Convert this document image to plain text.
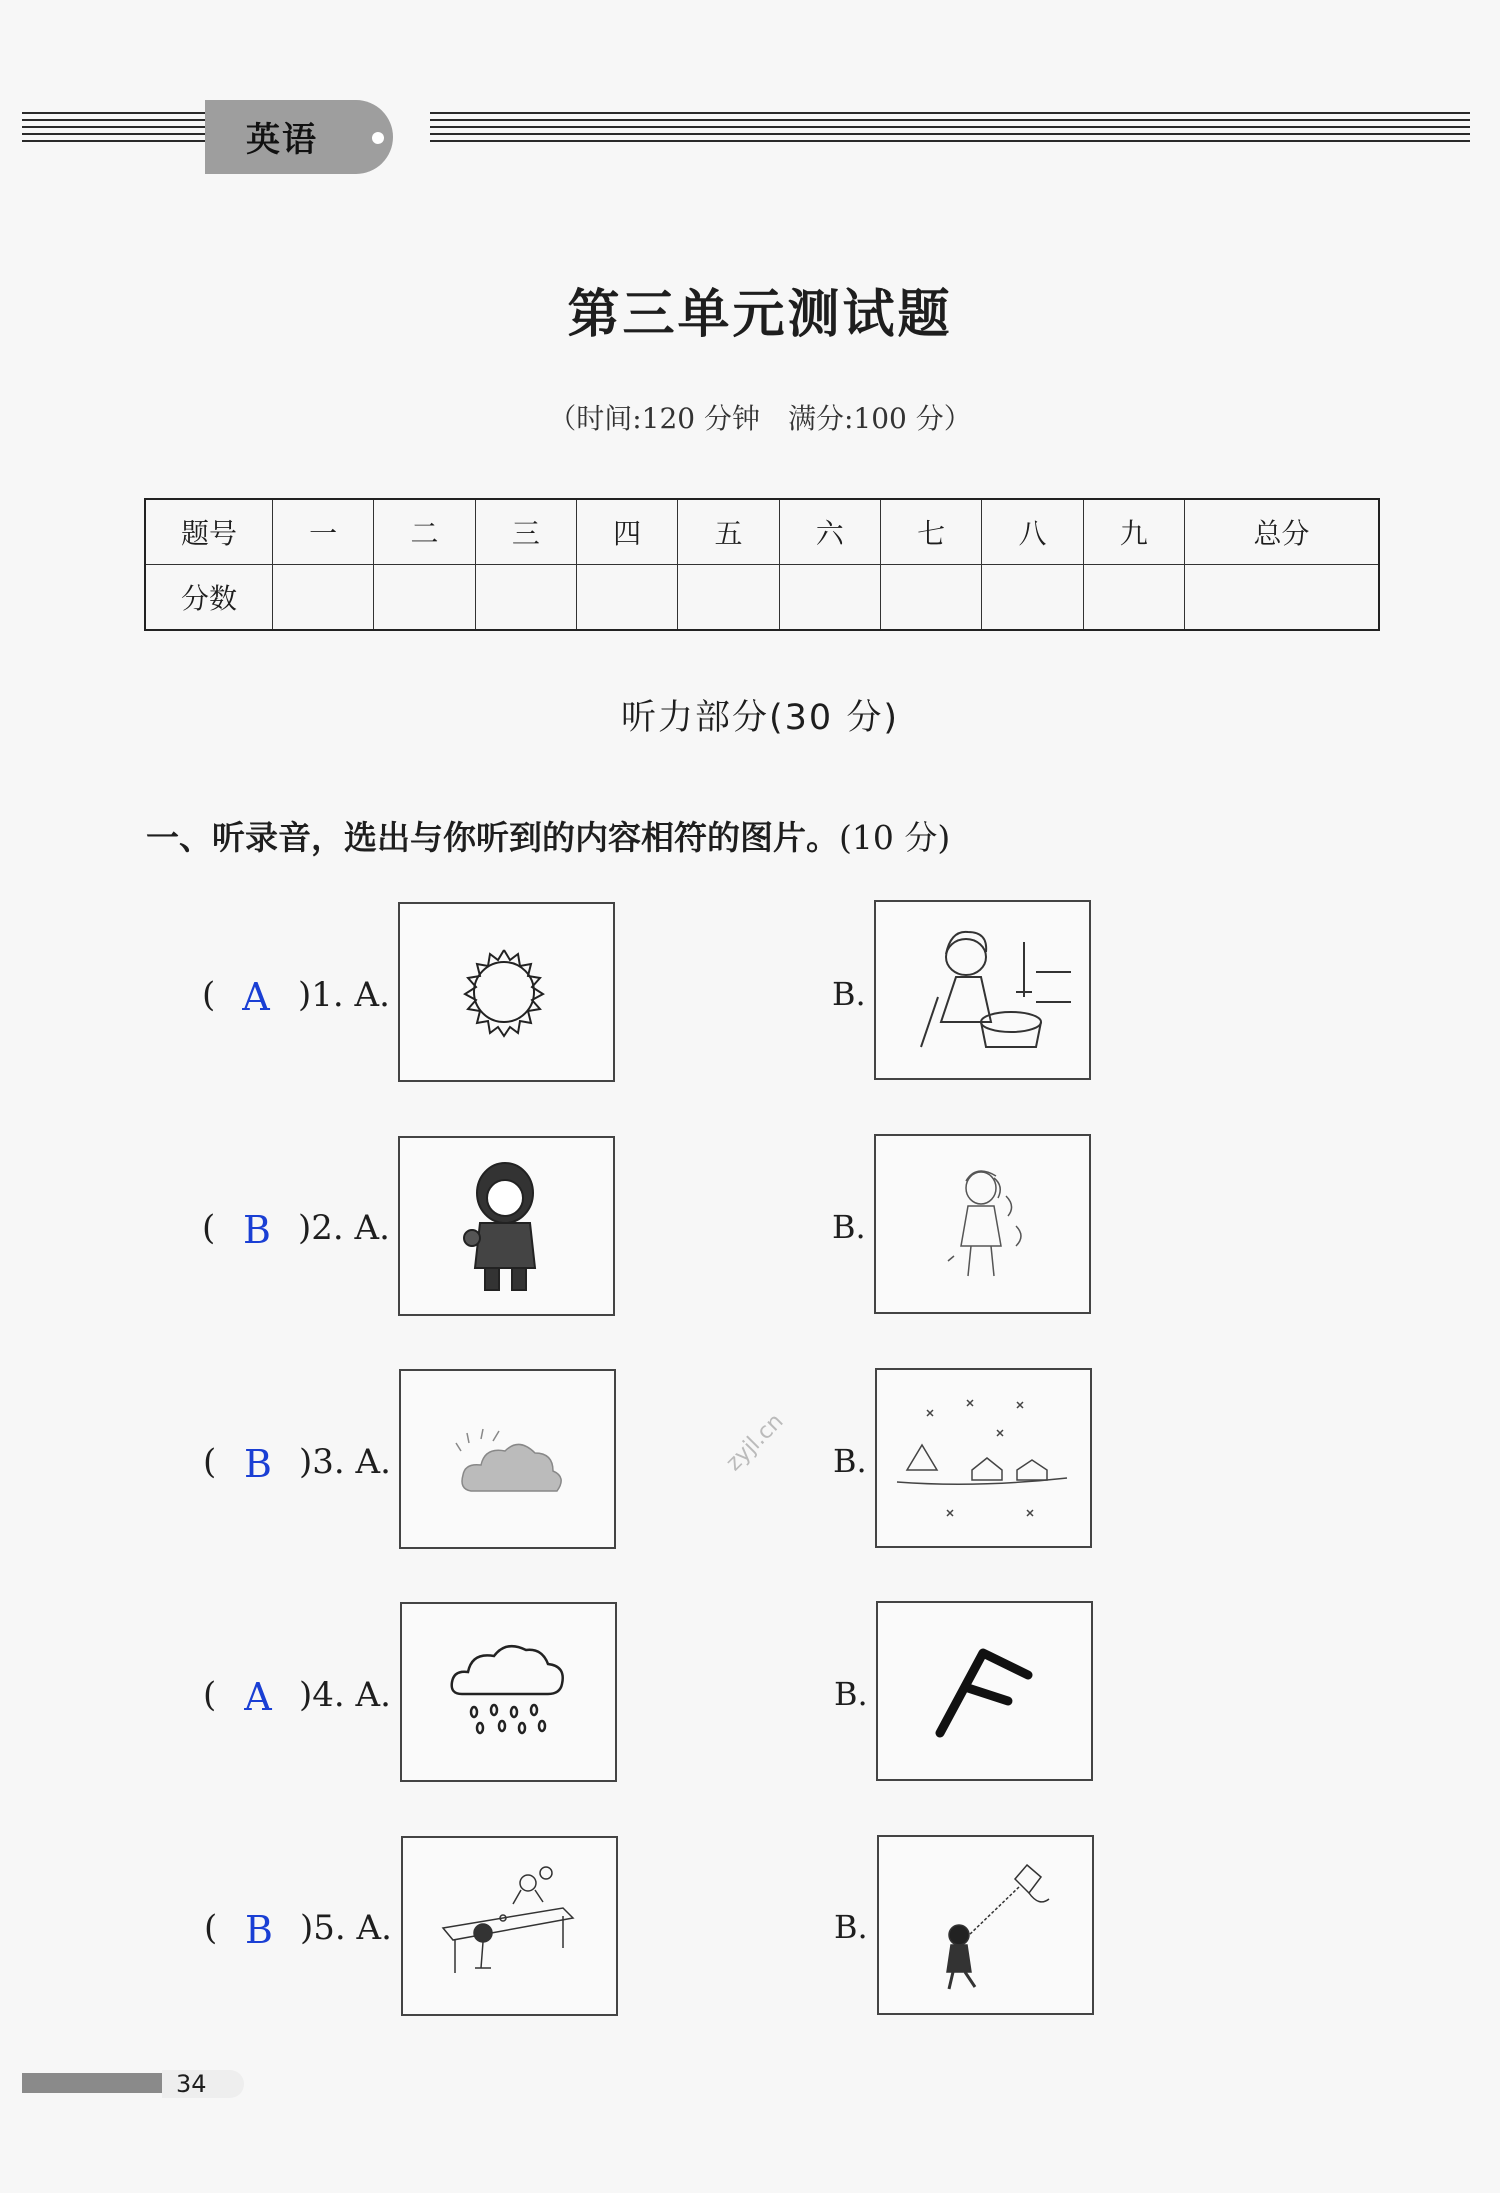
英语
第三单元测试题
（时间:120 分钟　满分:100 分）
题号	一	二	三	四	五	六	七	八	九	总分
分数										
听力部分(30 分)
一、听录音，选出与你听到的内容相符的图片。(10 分)
( A )1. A.	B.
( B )2. A.	B.
( B )3. A.	zyjl.cn B.
( A )4. A.	B.
( B )5. A.	B.
34
